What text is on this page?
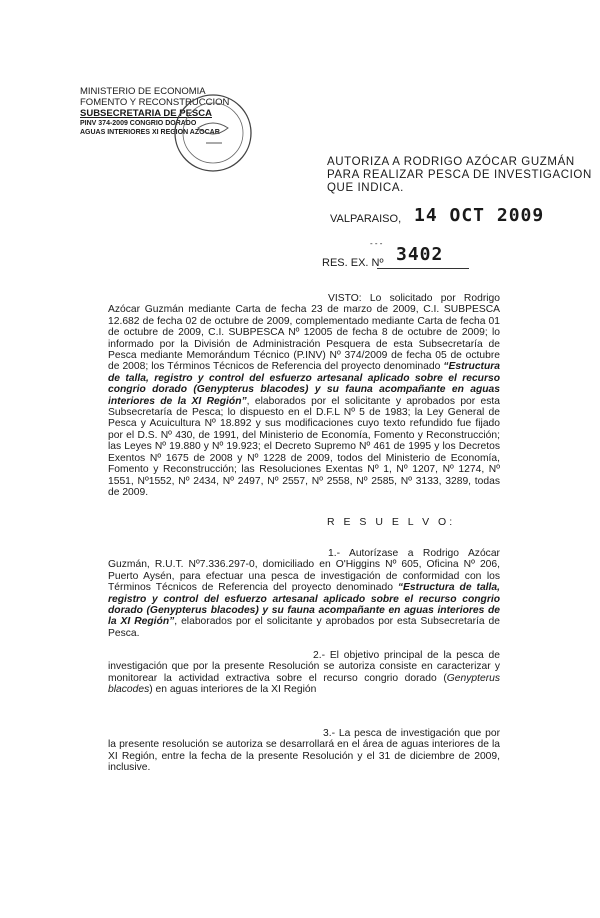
MINISTERIO DE ECONOMIA
FOMENTO Y RECONSTRUCCION
SUBSECRETARIA DE PESCA
PINV 374-2009 CONGRIO DORADO
AGUAS INTERIORES XI REGION AZOCAR
AUTORIZA A RODRIGO AZÓCAR GUZMÁN
PARA REALIZAR PESCA DE INVESTIGACION
QUE INDICA.
VALPARAISO, 14 OCT 2009
- - -
3402
RES. EX. Nº
VISTO: Lo solicitado por Rodrigo Azócar Guzmán mediante Carta de fecha 23 de marzo de 2009, C.I. SUBPESCA 12.682 de fecha 02 de octubre de 2009, complementado mediante Carta de fecha 01 de octubre de 2009, C.I. SUBPESCA Nº 12005 de fecha 8 de octubre de 2009; lo informado por la División de Administración Pesquera de esta Subsecretaría de Pesca mediante Memorándum Técnico (P.INV) Nº 374/2009 de fecha 05 de octubre de 2008; los Términos Técnicos de Referencia del proyecto denominado “Estructura de talla, registro y control del esfuerzo artesanal aplicado sobre el recurso congrio dorado (Genypterus blacodes) y su fauna acompañante en aguas interiores de la XI Región”, elaborados por el solicitante y aprobados por esta Subsecretaría de Pesca; lo dispuesto en el D.F.L Nº 5 de 1983; la Ley General de Pesca y Acuicultura Nº 18.892 y sus modificaciones cuyo texto refundido fue fijado por el D.S. Nº 430, de 1991, del Ministerio de Economía, Fomento y Reconstrucción; las Leyes Nº 19.880 y Nº 19.923; el Decreto Supremo Nº 461 de 1995 y los Decretos Exentos Nº 1675 de 2008 y Nº 1228 de 2009, todos del Ministerio de Economía, Fomento y Reconstrucción; las Resoluciones Exentas Nº 1, Nº 1207, Nº 1274, Nº 1551, Nº1552, Nº 2434, Nº 2497, Nº 2557, Nº 2558, Nº 2585, Nº 3133, 3289, todas de 2009.
R E S U E L V O:
1.- Autorízase a Rodrigo Azócar Guzmán, R.U.T. Nº7.336.297-0, domiciliado en O'Higgins Nº 605, Oficina Nº 206, Puerto Aysén, para efectuar una pesca de investigación de conformidad con los Términos Técnicos de Referencia del proyecto denominado “Estructura de talla, registro y control del esfuerzo artesanal aplicado sobre el recurso congrio dorado (Genypterus blacodes) y su fauna acompañante en aguas interiores de la XI Región”, elaborados por el solicitante y aprobados por esta Subsecretaría de Pesca.
2.- El objetivo principal de la pesca de investigación que por la presente Resolución se autoriza consiste en caracterizar y monitorear la actividad extractiva sobre el recurso congrio dorado (Genypterus blacodes) en aguas interiores de la XI Región
3.- La pesca de investigación que por la presente resolución se autoriza se desarrollará en el área de aguas interiores de la XI Región, entre la fecha de la presente Resolución y el 31 de diciembre de 2009, inclusive.
